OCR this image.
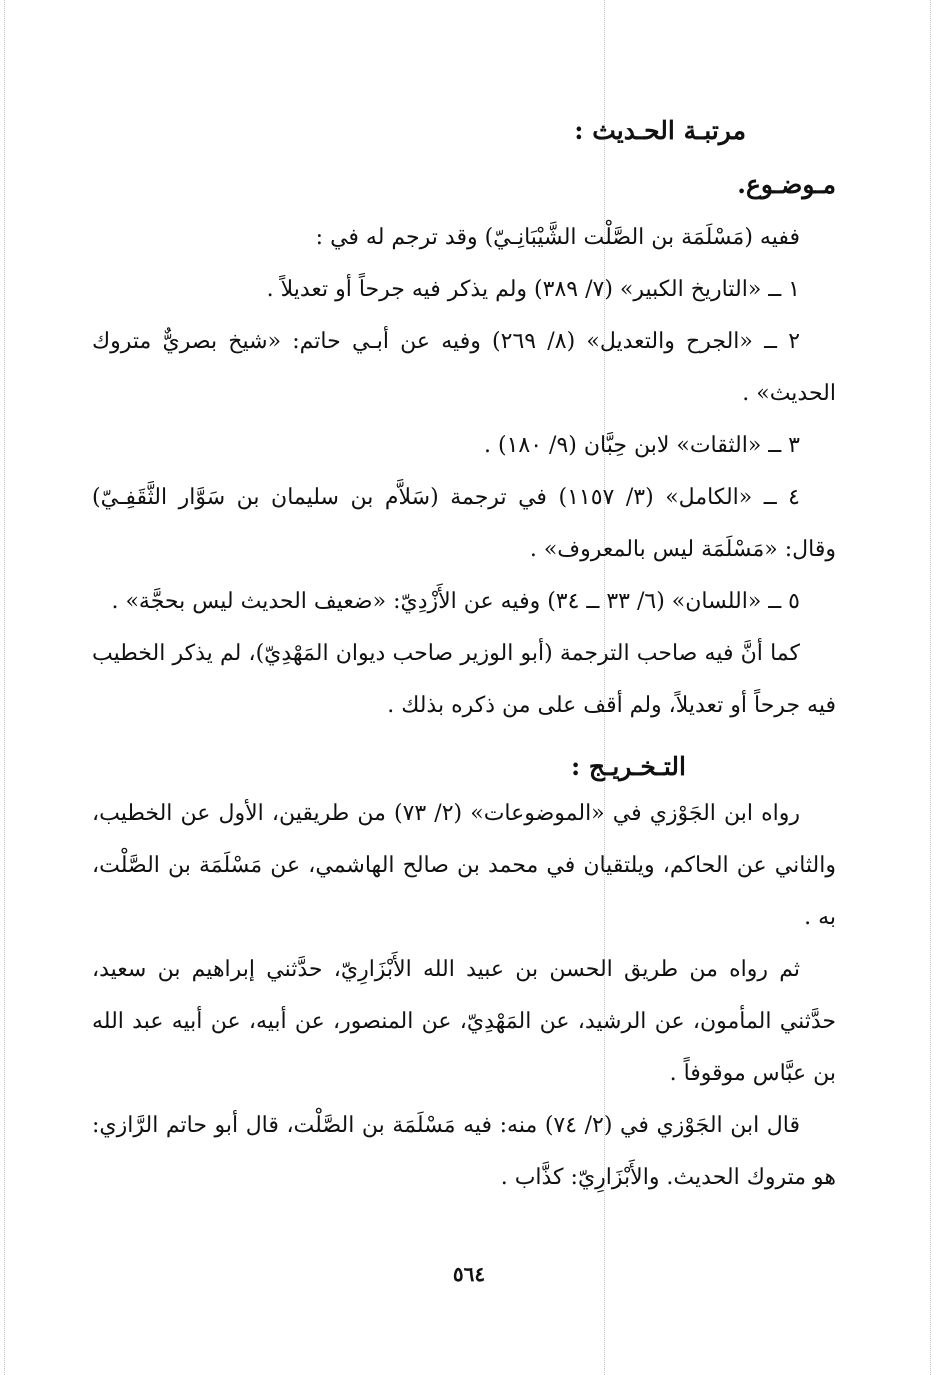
مرتبـة الحـديث :
مـوضـوع.

ففيه (مَسْلَمَة بن الصَّلْت الشَّيْبَانِـيّ) وقد ترجم له في :

١ ــ «التاريخ الكبير» (٧/ ٣٨٩) ولم يذكر فيه جرحاً أو تعديلاً .

٢ ــ «الجرح والتعديل» (٨/ ٢٦٩) وفيه عن أبـي حاتم: «شيخ بصريٌّ متروك الحديث» .

٣ ــ «الثقات» لابن حِبَّان (٩/ ١٨٠) .

٤ ــ «الكامل» (٣/ ١١٥٧) في ترجمة (سَلاَّم بن سليمان بن سَوَّار الثَّقَفِـيّ) وقال: «مَسْلَمَة ليس بالمعروف» .

٥ ــ «اللسان» (٦/ ٣٣ ــ ٣٤) وفيه عن الأَزْدِيّ: «ضعيف الحديث ليس بحجَّة» .

كما أنَّ فيه صاحب الترجمة (أبو الوزير صاحب ديوان المَهْدِيّ)، لم يذكر الخطيب فيه جرحاً أو تعديلاً، ولم أقف على من ذكره بذلك .

التـخـريـج :

رواه ابن الجَوْزي في «الموضوعات» (٢/ ٧٣) من طريقين، الأول عن الخطيب، والثاني عن الحاكم، ويلتقيان في محمد بن صالح الهاشمي، عن مَسْلَمَة بن الصَّلْت، به .

ثم رواه من طريق الحسن بن عبيد الله الأَبْزَارِيّ، حدَّثني إبراهيم بن سعيد، حدَّثني المأمون، عن الرشيد، عن المَهْدِيّ، عن المنصور، عن أبيه، عن أبيه عبد الله بن عبَّاس موقوفاً .

قال ابن الجَوْزي في (٢/ ٧٤) منه: فيه مَسْلَمَة بن الصَّلْت، قال أبو حاتم الرَّازي: هو متروك الحديث. والأَبْزَارِيّ: كذَّاب .

٥٦٤
